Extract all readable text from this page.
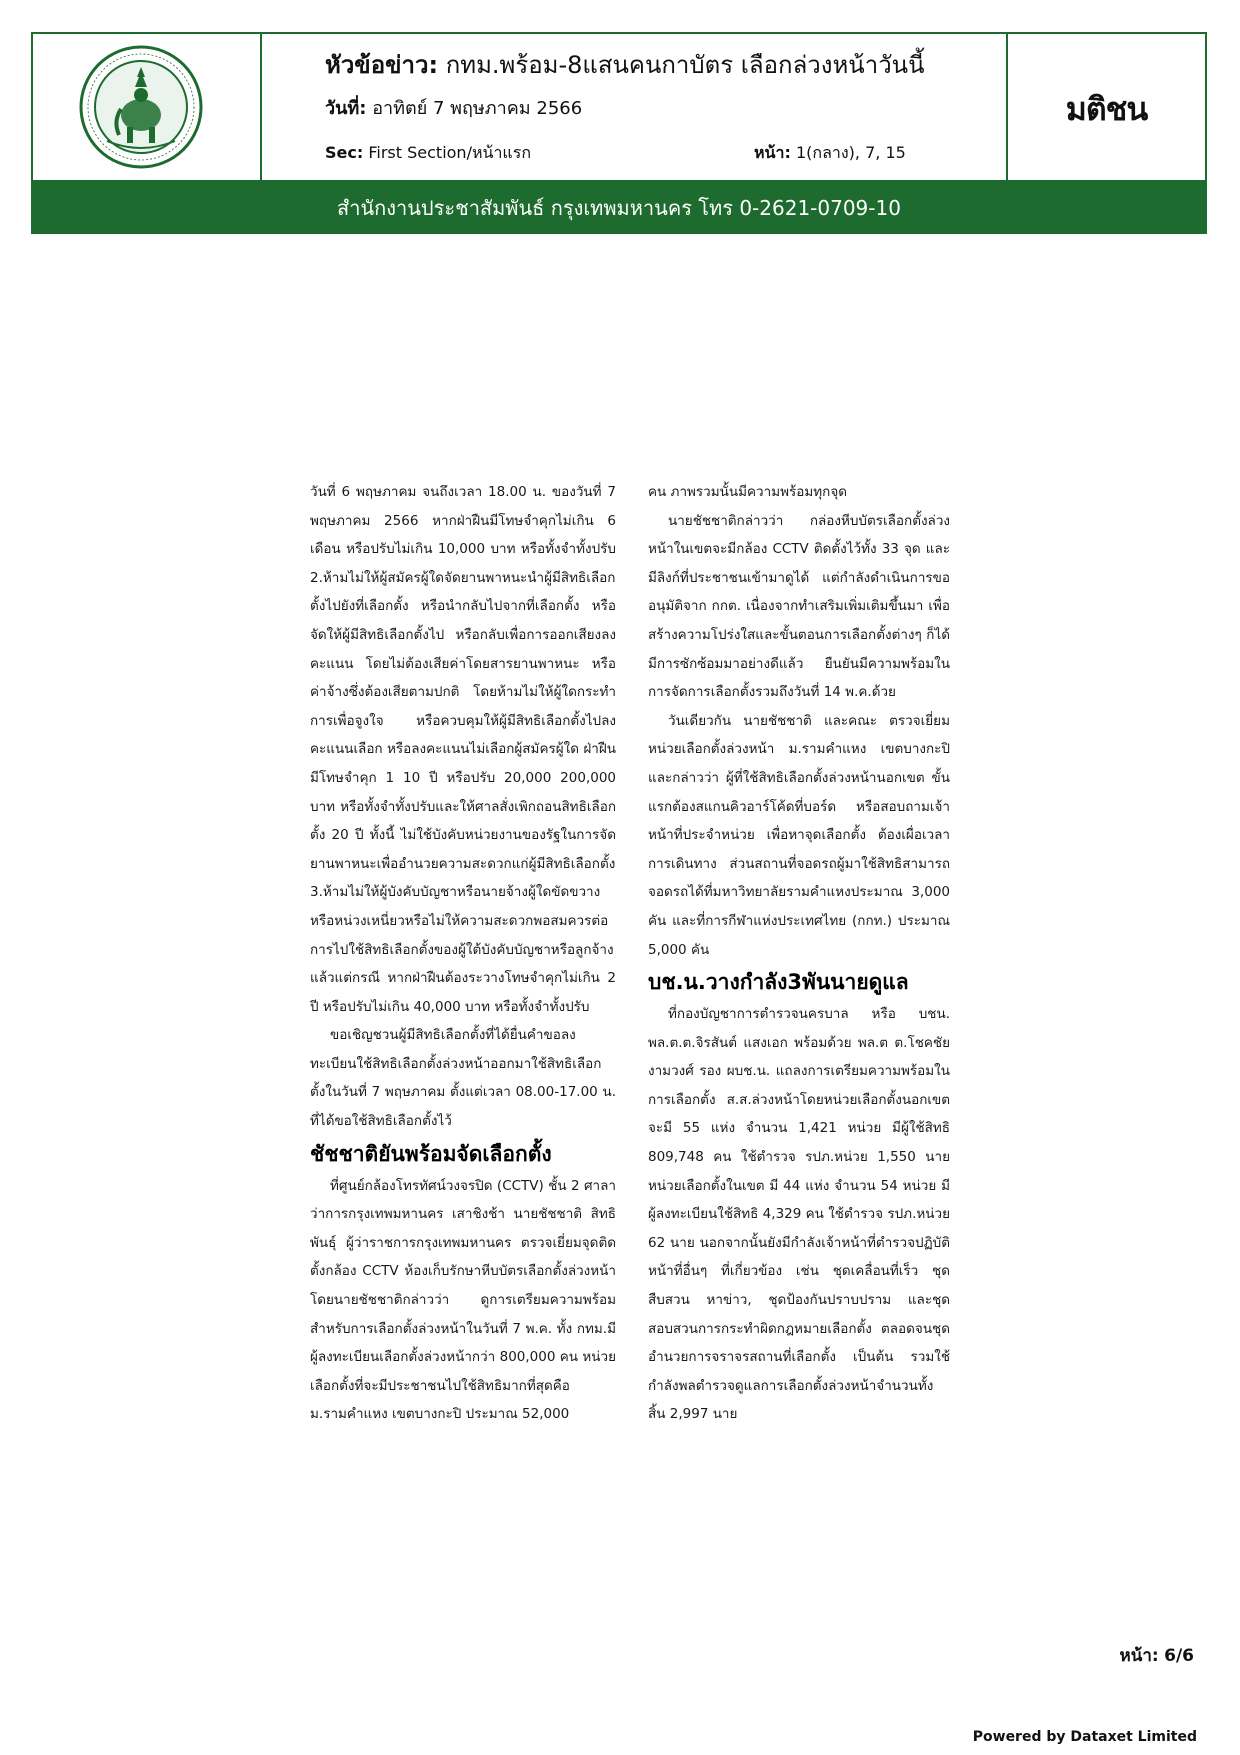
หัวข้อข่าว: กทม.พร้อม-8แสนคนกาบัตร เลือกล่วงหน้าวันนี้
วันที่: อาทิตย์ 7 พฤษภาคม 2566
Sec: First Section/หน้าแรก	หน้า: 1(กลาง), 7, 15
มติชน
สำนักงานประชาสัมพันธ์ กรุงเทพมหานคร โทร 0-2621-0709-10

วันที่ 6 พฤษภาคม จนถึงเวลา 18.00 น. ของวันที่ 7 พฤษภาคม 2566 หากฝ่าฝืนมีโทษจำคุกไม่เกิน 6 เดือน หรือปรับไม่เกิน 10,000 บาท หรือทั้งจำทั้งปรับ 2.ห้ามไม่ให้ผู้สมัครผู้ใดจัดยานพาหนะนำผู้มีสิทธิเลือกตั้งไปยังที่เลือกตั้ง หรือนำกลับไปจากที่เลือกตั้ง หรือจัดให้ผู้มีสิทธิเลือกตั้งไป หรือกลับเพื่อการออกเสียงลงคะแนน โดยไม่ต้องเสียค่าโดยสารยานพาหนะ หรือค่าจ้างซึ่งต้องเสียตามปกติ โดยห้ามไม่ให้ผู้ใดกระทำการเพื่อจูงใจ หรือควบคุมให้ผู้มีสิทธิเลือกตั้งไปลงคะแนนเลือก หรือลงคะแนนไม่เลือกผู้สมัครผู้ใด ฝ่าฝืนมีโทษจำคุก 1 10 ปี หรือปรับ 20,000 200,000 บาท หรือทั้งจำทั้งปรับและให้ศาลสั่งเพิกถอนสิทธิเลือกตั้ง 20 ปี ทั้งนี้ ไม่ใช้บังคับหน่วยงานของรัฐในการจัดยานพาหนะเพื่ออำนวยความสะดวกแก่ผู้มีสิทธิเลือกตั้ง 3.ห้ามไม่ให้ผู้บังคับบัญชาหรือนายจ้างผู้ใดขัดขวาง หรือหน่วงเหนี่ยวหรือไม่ให้ความสะดวกพอสมควรต่อการไปใช้สิทธิเลือกตั้งของผู้ใต้บังคับบัญชาหรือลูกจ้าง แล้วแต่กรณี หากฝ่าฝืนต้องระวางโทษจำคุกไม่เกิน 2 ปี หรือปรับไม่เกิน 40,000 บาท หรือทั้งจำทั้งปรับ

ขอเชิญชวนผู้มีสิทธิเลือกตั้งที่ได้ยื่นคำขอลงทะเบียนใช้สิทธิเลือกตั้งล่วงหน้าออกมาใช้สิทธิเลือกตั้งในวันที่ 7 พฤษภาคม ตั้งแต่เวลา 08.00-17.00 น. ที่ได้ขอใช้สิทธิเลือกตั้งไว้

ชัชชาติยันพร้อมจัดเลือกตั้ง

ที่ศูนย์กล้องโทรทัศน์วงจรปิด (CCTV) ชั้น 2 ศาลาว่าการกรุงเทพมหานคร เสาชิงช้า นายชัชชาติ สิทธิพันธุ์ ผู้ว่าราชการกรุงเทพมหานคร ตรวจเยี่ยมจุดติดตั้งกล้อง CCTV ห้องเก็บรักษาหีบบัตรเลือกตั้งล่วงหน้า โดยนายชัชชาติกล่าวว่า ดูการเตรียมความพร้อมสำหรับการเลือกตั้งล่วงหน้าในวันที่ 7 พ.ค. ทั้ง กทม.มีผู้ลงทะเบียนเลือกตั้งล่วงหน้ากว่า 800,000 คน หน่วยเลือกตั้งที่จะมีประชาชนไปใช้สิทธิมากที่สุดคือ ม.รามคำแหง เขตบางกะปิ ประมาณ 52,000

คน ภาพรวมนั้นมีความพร้อมทุกจุด

นายชัชชาติกล่าวว่า กล่องหีบบัตรเลือกตั้งล่วงหน้าในเขตจะมีกล้อง CCTV ติดตั้งไว้ทั้ง 33 จุด และมีลิงก์ที่ประชาชนเข้ามาดูได้ แต่กำลังดำเนินการขออนุมัติจาก กกต. เนื่องจากทำเสริมเพิ่มเติมขึ้นมา เพื่อสร้างความโปร่งใสและขั้นตอนการเลือกตั้งต่างๆ ก็ได้มีการซักซ้อมมาอย่างดีแล้ว ยืนยันมีความพร้อมในการจัดการเลือกตั้งรวมถึงวันที่ 14 พ.ค.ด้วย

วันเดียวกัน นายชัชชาติ และคณะ ตรวจเยี่ยมหน่วยเลือกตั้งล่วงหน้า ม.รามคำแหง เขตบางกะปิ และกล่าวว่า ผู้ที่ใช้สิทธิเลือกตั้งล่วงหน้านอกเขต ขั้นแรกต้องสแกนคิวอาร์โค้ดที่บอร์ด หรือสอบถามเจ้าหน้าที่ประจำหน่วย เพื่อหาจุดเลือกตั้ง ต้องเผื่อเวลาการเดินทาง ส่วนสถานที่จอดรถผู้มาใช้สิทธิสามารถจอดรถได้ที่มหาวิทยาลัยรามคำแหงประมาณ 3,000 คัน และที่การกีฬาแห่งประเทศไทย (กกท.) ประมาณ 5,000 คัน

บช.น.วางกำลัง3พันนายดูแล

ที่กองบัญชาการตำรวจนครบาล หรือ บชน. พล.ต.ต.จิรสันต์ แสงเอก พร้อมด้วย พล.ต ต.โชคชัย งามวงศ์ รอง ผบช.น. แถลงการเตรียมความพร้อมในการเลือกตั้ง ส.ส.ล่วงหน้าโดยหน่วยเลือกตั้งนอกเขตจะมี 55 แห่ง จำนวน 1,421 หน่วย มีผู้ใช้สิทธิ 809,748 คน ใช้ตำรวจ รปภ.หน่วย 1,550 นาย หน่วยเลือกตั้งในเขต มี 44 แห่ง จำนวน 54 หน่วย มีผู้ลงทะเบียนใช้สิทธิ 4,329 คน ใช้ตำรวจ รปภ.หน่วย 62 นาย นอกจากนั้นยังมีกำลังเจ้าหน้าที่ตำรวจปฏิบัติหน้าที่อื่นๆ ที่เกี่ยวข้อง เช่น ชุดเคลื่อนที่เร็ว ชุดสืบสวน หาข่าว, ชุดป้องกันปราบปราม และชุดสอบสวนการกระทำผิดกฎหมายเลือกตั้ง ตลอดจนชุดอำนวยการจราจรสถานที่เลือกตั้ง เป็นต้น รวมใช้กำลังพลตำรวจดูแลการเลือกตั้งล่วงหน้าจำนวนทั้งสิ้น 2,997 นาย

หน้า: 6/6
Powered by Dataxet Limited
